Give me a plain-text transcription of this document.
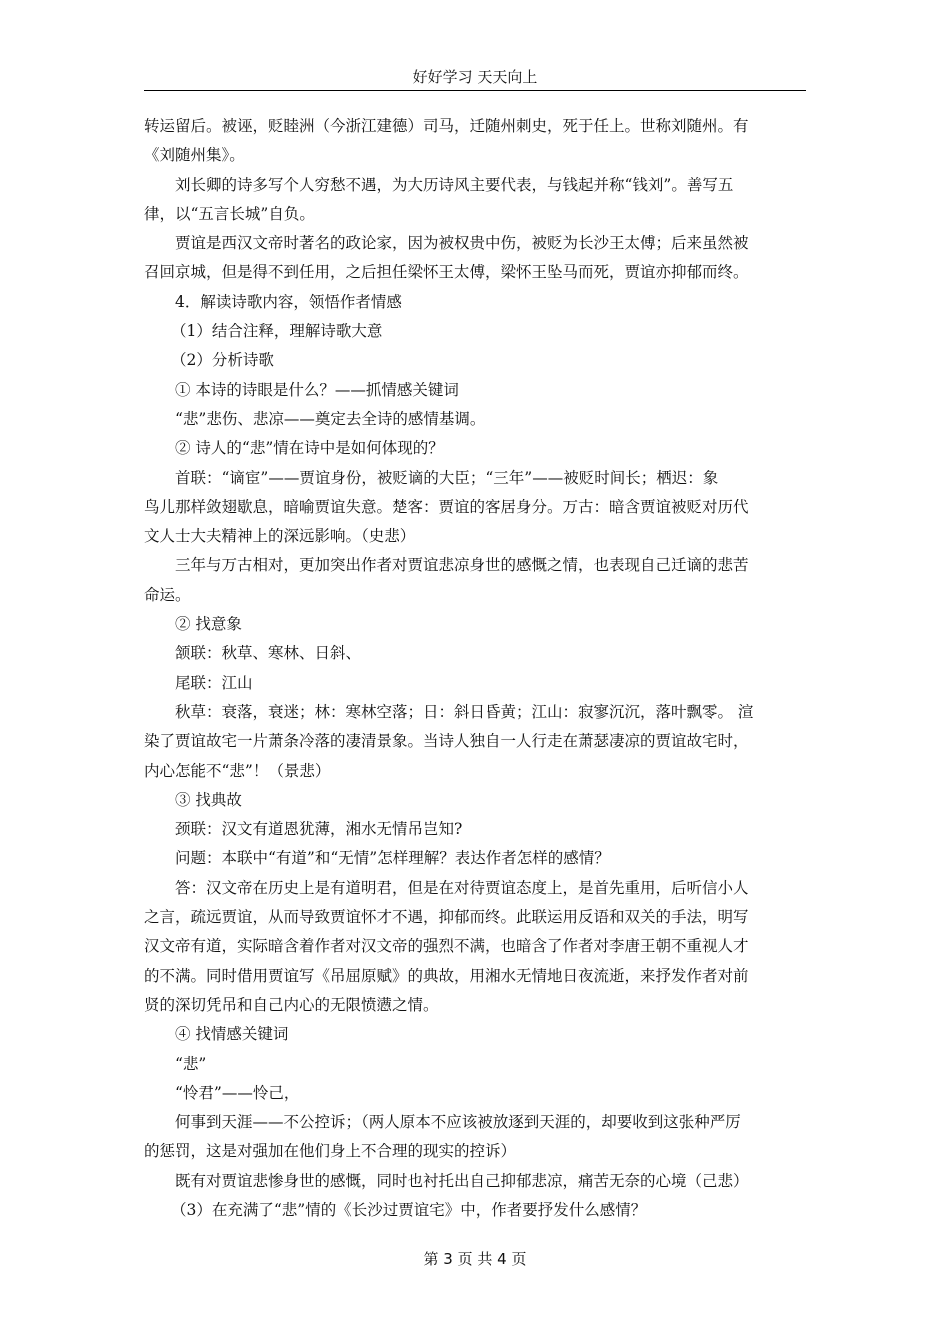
好好学习 天天向上
转运留后。被诬，贬睦洲（今浙江建德）司马，迁随州刺史，死于任上。世称刘随州。有
《刘随州集》。
刘长卿的诗多写个人穷愁不遇，为大历诗风主要代表，与钱起并称“钱刘”。善写五
律，以“五言长城”自负。
贾谊是西汉文帝时著名的政论家，因为被权贵中伤，被贬为长沙王太傅；后来虽然被
召回京城，但是得不到任用，之后担任梁怀王太傅，梁怀王坠马而死，贾谊亦抑郁而终。
4．解读诗歌内容，领悟作者情感
（1）结合注释，理解诗歌大意
（2）分析诗歌
① 本诗的诗眼是什么？——抓情感关键词
“悲”悲伤、悲凉——奠定去全诗的感情基调。
② 诗人的“悲”情在诗中是如何体现的？
首联：“谪宦”——贾谊身份，被贬谪的大臣；“三年”——被贬时间长；栖迟：象
鸟儿那样敛翅歇息，暗喻贾谊失意。楚客：贾谊的客居身分。万古：暗含贾谊被贬对历代
文人士大夫精神上的深远影响。（史悲）
三年与万古相对，更加突出作者对贾谊悲凉身世的感慨之情，也表现自己迁谪的悲苦
命运。
② 找意象
颔联：秋草、寒林、日斜、
尾联：江山
秋草：衰落，衰迷；林：寒林空落；日：斜日昏黄；江山：寂寥沉沉，落叶飘零。 渲
染了贾谊故宅一片萧条冷落的凄清景象。当诗人独自一人行走在萧瑟凄凉的贾谊故宅时，
内心怎能不“悲”！（景悲）
③ 找典故
颈联：汉文有道恩犹薄，湘水无情吊岂知?
问题：本联中“有道”和“无情”怎样理解？表达作者怎样的感情？
答：汉文帝在历史上是有道明君，但是在对待贾谊态度上，是首先重用，后听信小人
之言，疏远贾谊，从而导致贾谊怀才不遇，抑郁而终。此联运用反语和双关的手法，明写
汉文帝有道，实际暗含着作者对汉文帝的强烈不满，也暗含了作者对李唐王朝不重视人才
的不满。同时借用贾谊写《吊屈原赋》的典故，用湘水无情地日夜流逝，来抒发作者对前
贤的深切凭吊和自己内心的无限愤懑之情。
④ 找情感关键词
“悲”
“怜君”——怜己，
何事到天涯——不公控诉；（两人原本不应该被放逐到天涯的，却要收到这张种严厉
的惩罚，这是对强加在他们身上不合理的现实的控诉）
既有对贾谊悲惨身世的感慨，同时也衬托出自己抑郁悲凉，痛苦无奈的心境（己悲）
（3）在充满了“悲”情的《长沙过贾谊宅》中，作者要抒发什么感情？
第 3 页 共 4 页
